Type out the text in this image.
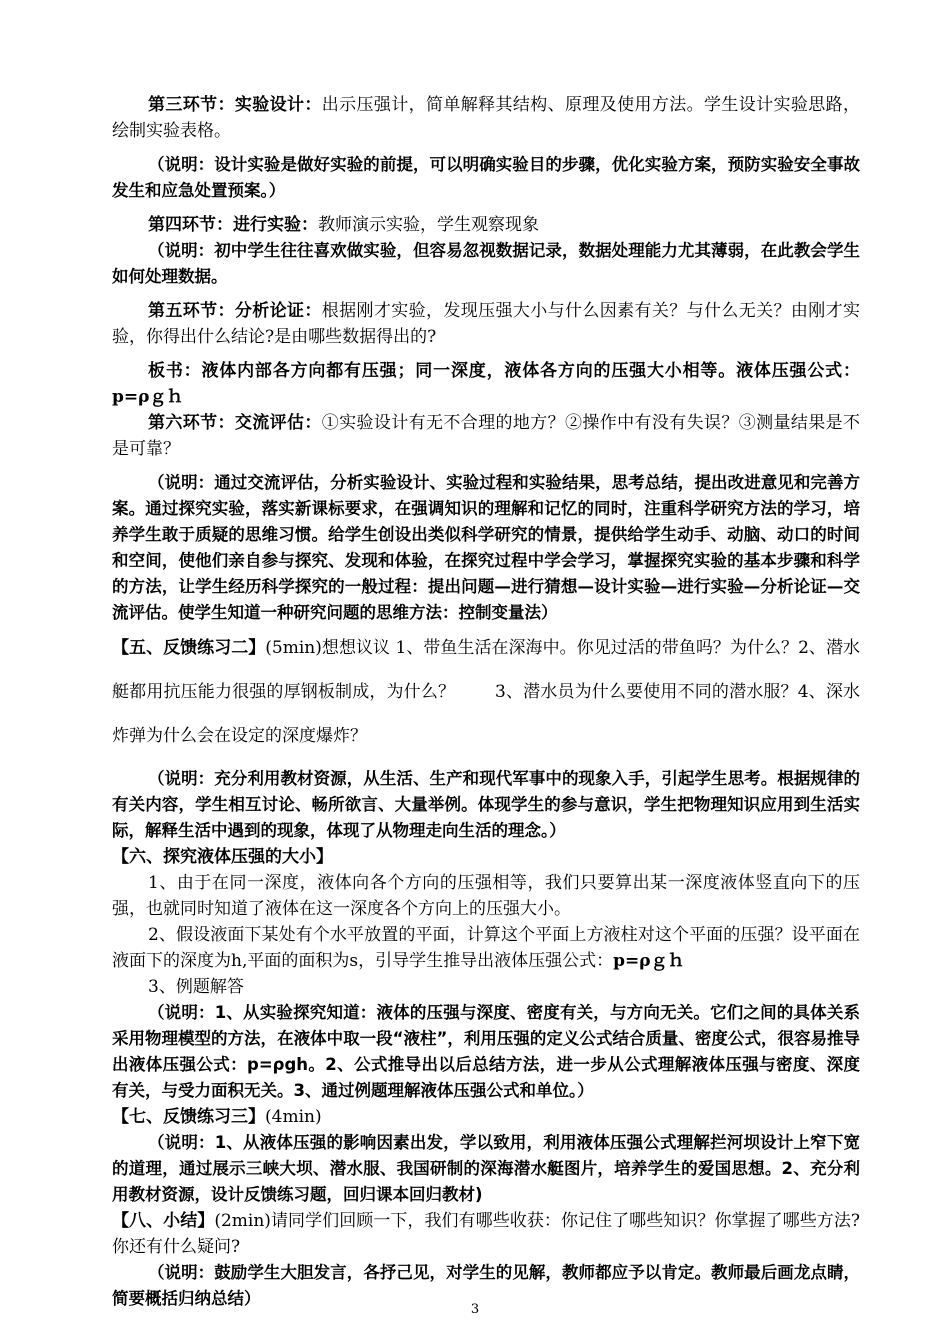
第三环节：实验设计：出示压强计，简单解释其结构、原理及使用方法。学生设计实验思路，绘制实验表格。

（说明：设计实验是做好实验的前提，可以明确实验目的步骤，优化实验方案，预防实验安全事故发生和应急处置预案。）

第四环节：进行实验：教师演示实验，学生观察现象

（说明：初中学生往往喜欢做实验，但容易忽视数据记录，数据处理能力尤其薄弱，在此教会学生如何处理数据。

第五环节：分析论证：根据刚才实验，发现压强大小与什么因素有关？与什么无关？由刚才实验，你得出什么结论?是由哪些数据得出的?

板书：液体内部各方向都有压强；同一深度，液体各方向的压强大小相等。液体压强公式：p=ρｇｈ

第六环节：交流评估：①实验设计有无不合理的地方？②操作中有没有失误？③测量结果是不是可靠？

（说明：通过交流评估，分析实验设计、实验过程和实验结果，思考总结，提出改进意见和完善方案。通过探究实验，落实新课标要求，在强调知识的理解和记忆的同时，注重科学研究方法的学习，培养学生敢于质疑的思维习惯。给学生创设出类似科学研究的情景，提供给学生动手、动脑、动口的时间和空间，使他们亲自参与探究、发现和体验，在探究过程中学会学习，掌握探究实验的基本步骤和科学的方法，让学生经历科学探究的一般过程：提出问题—进行猜想—设计实验—进行实验—分析论证—交流评估。使学生知道一种研究问题的思维方法：控制变量法）

【五、反馈练习二】(5min)想想议议 1、带鱼生活在深海中。你见过活的带鱼吗？为什么？2、潜水艇都用抗压能力很强的厚钢板制成，为什么？　　 3、潜水员为什么要使用不同的潜水服？4、深水炸弹为什么会在设定的深度爆炸？

（说明：充分利用教材资源，从生活、生产和现代军事中的现象入手，引起学生思考。根据规律的有关内容，学生相互讨论、畅所欲言、大量举例。体现学生的参与意识，学生把物理知识应用到生活实际，解释生活中遇到的现象，体现了从物理走向生活的理念。）

【六、探究液体压强的大小】

1、由于在同一深度，液体向各个方向的压强相等，我们只要算出某一深度液体竖直向下的压强，也就同时知道了液体在这一深度各个方向上的压强大小。

2、假设液面下某处有个水平放置的平面，计算这个平面上方液柱对这个平面的压强？设平面在液面下的深度为h,平面的面积为s，引导学生推导出液体压强公式：p=ρｇｈ

3、例题解答

（说明：1、从实验探究知道：液体的压强与深度、密度有关，与方向无关。它们之间的具体关系采用物理模型的方法，在液体中取一段“液柱”，利用压强的定义公式结合质量、密度公式，很容易推导出液体压强公式：p=ρgh。2、公式推导出以后总结方法，进一步从公式理解液体压强与密度、深度有关，与受力面积无关。3、通过例题理解液体压强公式和单位。）

【七、反馈练习三】(4min)

（说明：1、从液体压强的影响因素出发，学以致用，利用液体压强公式理解拦河坝设计上窄下宽的道理，通过展示三峡大坝、潜水服、我国研制的深海潜水艇图片，培养学生的爱国思想。2、充分利用教材资源，设计反馈练习题，回归课本回归教材)

【八、小结】(2min)请同学们回顾一下，我们有哪些收获：你记住了哪些知识？你掌握了哪些方法?你还有什么疑问?

（说明：鼓励学生大胆发言，各抒己见，对学生的见解，教师都应予以肯定。教师最后画龙点睛，简要概括归纳总结）

3
